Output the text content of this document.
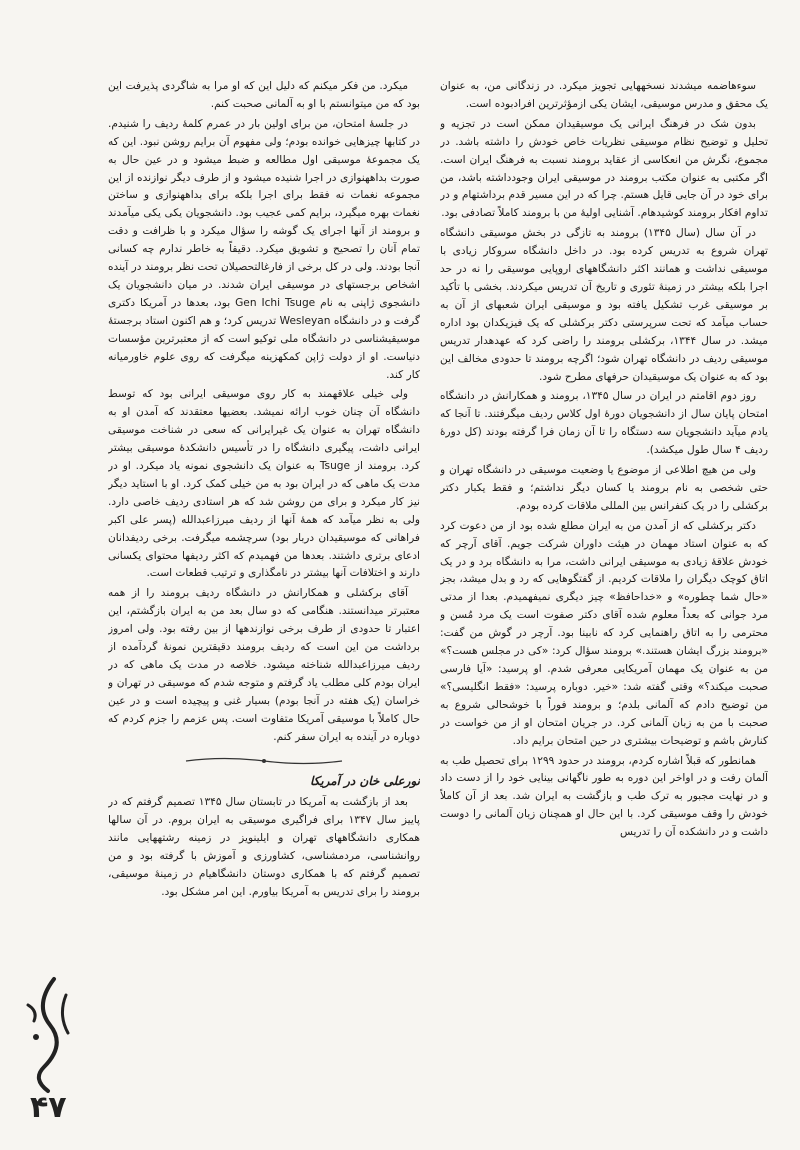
سوءهاضمه میشدند نسخههایی تجویز میکرد. در زندگانی من، به عنوان یک محقق و مدرس موسیقی، ایشان یکی ازمؤثرترین افرادبوده است.

بدون شک در فرهنگ ایرانی یک موسیقیدان ممکن است در تجزیه و تحلیل و توضیح نظام موسیقی نظریات خاص خودش را داشته باشد. در مجموع، نگرش من انعکاسی از عقاید برومند نسبت به فرهنگ ایران است. اگر مکتبی به عنوان مکتب برومند در موسیقی ایران وجودداشته باشد، من برای خود در آن جایی قایل هستم. چرا که در این مسیر قدم برداشتهام و در تداوم افکار برومند کوشیدهام. آشنایی اولیهٔ من با برومند کاملاً تصادفی بود.

در آن سال (سال ۱۳۴۵) برومند به تازگی در بخش موسیقی دانشگاه تهران شروع به تدریس کرده بود. در داخل دانشگاه سروکار زیادی با موسیقی نداشت و همانند اکثر دانشگاههای اروپایی موسیقی را نه در حد اجرا بلکه بیشتر در زمینهٔ تئوری و تاریخ آن تدریس میکردند. بخشی با تأکید بر موسیقی غرب تشکیل یافته بود و موسیقی ایران شعبهای از آن به حساب میآمد که تحت سرپرستی دکتر برکشلی که یک فیزیکدان بود اداره میشد. در سال ۱۳۴۴، برکشلی برومند را راضی کرد که عهدهدار تدریس موسیقی ردیف در دانشگاه تهران شود؛ اگرچه برومند تا حدودی مخالف این بود که به عنوان یک موسیقیدان حرفهای مطرح شود.

روز دوم اقامتم در ایران در سال ۱۳۴۵، برومند و همکارانش در دانشگاه امتحان پایان سال از دانشجویان دورهٔ اول کلاس ردیف میگرفتند. تا آنجا که یادم میآید دانشجویان سه دستگاه را تا آن زمان فرا گرفته بودند (کل دورهٔ ردیف ۴ سال طول میکشد).

ولی من هیچ اطلاعی از موضوع یا وضعیت موسیقی در دانشگاه تهران و حتی شخصی به نام برومند یا کسان دیگر نداشتم؛ و فقط یکبار دکتر برکشلی را در یک کنفرانس بین المللی ملاقات کرده بودم.

دکتر برکشلی که از آمدن من به ایران مطلع شده بود از من دعوت کرد که به عنوان استاد مهمان در هیئت داوران شرکت جویم. آقای آرچر که خودش علاقهٔ زیادی به موسیقی ایرانی داشت، مرا به دانشگاه برد و در یک اتاق کوچک دیگران را ملاقات کردیم. از گفتگوهایی که رد و بدل میشد، بجز «حال شما چطوره» و «خداحافظ» چیز دیگری نمیفهمیدم. بعدا از مدتی مرد جوانی که بعداً معلوم شده آقای دکتر صفوت است یک مرد مُسن و محترمی را به اتاق راهنمایی کرد که نابینا بود. آرچر در گوش من گفت: «برومند بزرگ ایشان هستند.» برومند سؤال کرد: «کی در مجلس هست؟» من به عنوان یک مهمان آمریکایی معرفی شدم. او پرسید: «آیا فارسی صحبت میکند؟» وقتی گفته شد: «خیر. دوباره پرسید: «فقط انگلیسی؟» من توضیح دادم که آلمانی بلدم؛ و برومند فوراً با خوشحالی شروع به صحبت با من به زبان آلمانی کرد. در جریان امتحان او از من خواست در کنارش باشم و توضیحات بیشتری در حین امتحان برایم داد.

همانطور که قبلاً اشاره کردم، برومند در حدود ۱۲۹۹ برای تحصیل طب به آلمان رفت و در اواخر این دوره به طور ناگهانی بینایی خود را از دست داد و در نهایت مجبور به ترک طب و بازگشت به ایران شد. بعد از آن کاملاً خودش را وقف موسیقی کرد. با این حال او همچنان زبان آلمانی را دوست داشت و در دانشکده آن را تدریس

میکرد. من فکر میکنم که دلیل این که او مرا به شاگردی پذیرفت این بود که من میتوانستم با او به آلمانی صحبت کنم.

در جلسهٔ امتحان، من برای اولین بار در عمرم کلمهٔ ردیف را شنیدم. در کتابها چیزهایی خوانده بودم؛ ولی مفهوم آن برایم روشن نبود. این که یک مجموعهٔ موسیقی اول مطالعه و ضبط میشود و در عین حال به صورت بداههنوازی در اجرا شنیده میشود و از طرف دیگر نوازنده از این مجموعه نغمات نه فقط برای اجرا بلکه برای بداههنوازی و ساختن نغمات بهره میگیرد، برایم کمی عجیب بود. دانشجویان یکی یکی میآمدند و برومند از آنها اجرای یک گوشه را سؤال میکرد و با ظرافت و دقت تمام آنان را تصحیح و تشویق میکرد. دقیقاً به خاطر ندارم چه کسانی آنجا بودند. ولی در کل برخی از فارغالتحصیلان تحت نظر برومند در آینده اشخاص برجستهای در موسیقی ایران شدند. در میان دانشجویان یک دانشجوی ژاپنی به نام Gen Ichi Tsuge بود، بعدها در آمریکا دکتری گرفت و در دانشگاه Wesleyan تدریس کرد؛ و هم اکنون استاد برجستهٔ موسیقیشناسی در دانشگاه ملی توکیو است که از معتبرترین مؤسسات دنیاست. او از دولت ژاپن کمکهزینه میگرفت که روی علوم خاورمیانه کار کند.

ولی خیلی علاقهمند به کار روی موسیقی ایرانی بود که توسط دانشگاه آن چنان خوب ارائه نمیشد. بعضیها معتقدند که آمدن او به دانشگاه تهران به عنوان یک غیرایرانی که سعی در شناخت موسیقی ایرانی داشت، پیگیری دانشگاه را در تأسیس دانشکدهٔ موسیقی بیشتر کرد. برومند از Tsuge به عنوان یک دانشجوی نمونه یاد میکرد. او در مدت یک ماهی که در ایران بود به من خیلی کمک کرد. او با استاید دیگر نیز کار میکرد و برای من روشن شد که هر استادی ردیف خاصی دارد. ولی به نظر میآمد که همهٔ آنها از ردیف میرزاعبدالله (پسر علی اکبر فراهانی که موسیقیدان دربار بود) سرچشمه میگرفت. برخی ردیفدانان ادعای برتری داشتند. بعدها من فهمیدم که اکثر ردیفها محتوای یکسانی دارند و اختلافات آنها بیشتر در نامگذاری و ترتیب قطعات است.

آقای برکشلی و همکارانش در دانشگاه ردیف برومند را از همه معتبرتر میدانستند. هنگامی که دو سال بعد من به ایران بازگشتم، این اعتبار تا حدودی از طرف برخی نوازندهها از بین رفته بود. ولی امروز برداشت من این است که ردیف برومند دقیقترین نمونهٔ گردآمده از ردیف میرزاعبدالله شناخته میشود. خلاصه در مدت یک ماهی که در ایران بودم کلی مطلب یاد گرفتم و متوجه شدم که موسیقی در تهران و خراسان (یک هفته در آنجا بودم) بسیار غنی و پیچیده است و در عین حال کاملاً با موسیقی آمریکا متفاوت است. پس عزمم را جزم کردم که دوباره در آینده به ایران سفر کنم.

نورعلی خان در آمریکا

بعد از بازگشت به آمریکا در تابستان سال ۱۳۴۵ تصمیم گرفتم که در پاییز سال ۱۳۴۷ برای فراگیری موسیقی به ایران بروم. در آن سالها همکاری دانشگاههای تهران و ایلینویز در زمینه رشتههایی مانند روانشناسی، مردمشناسی، کشاورزی و آموزش با گرفته بود و من تصمیم گرفتم که با همکاری دوستان دانشگاهیام در زمینهٔ موسیقی، برومند را برای تدریس به آمریکا بیاورم. این امر مشکل بود.

۴۷
